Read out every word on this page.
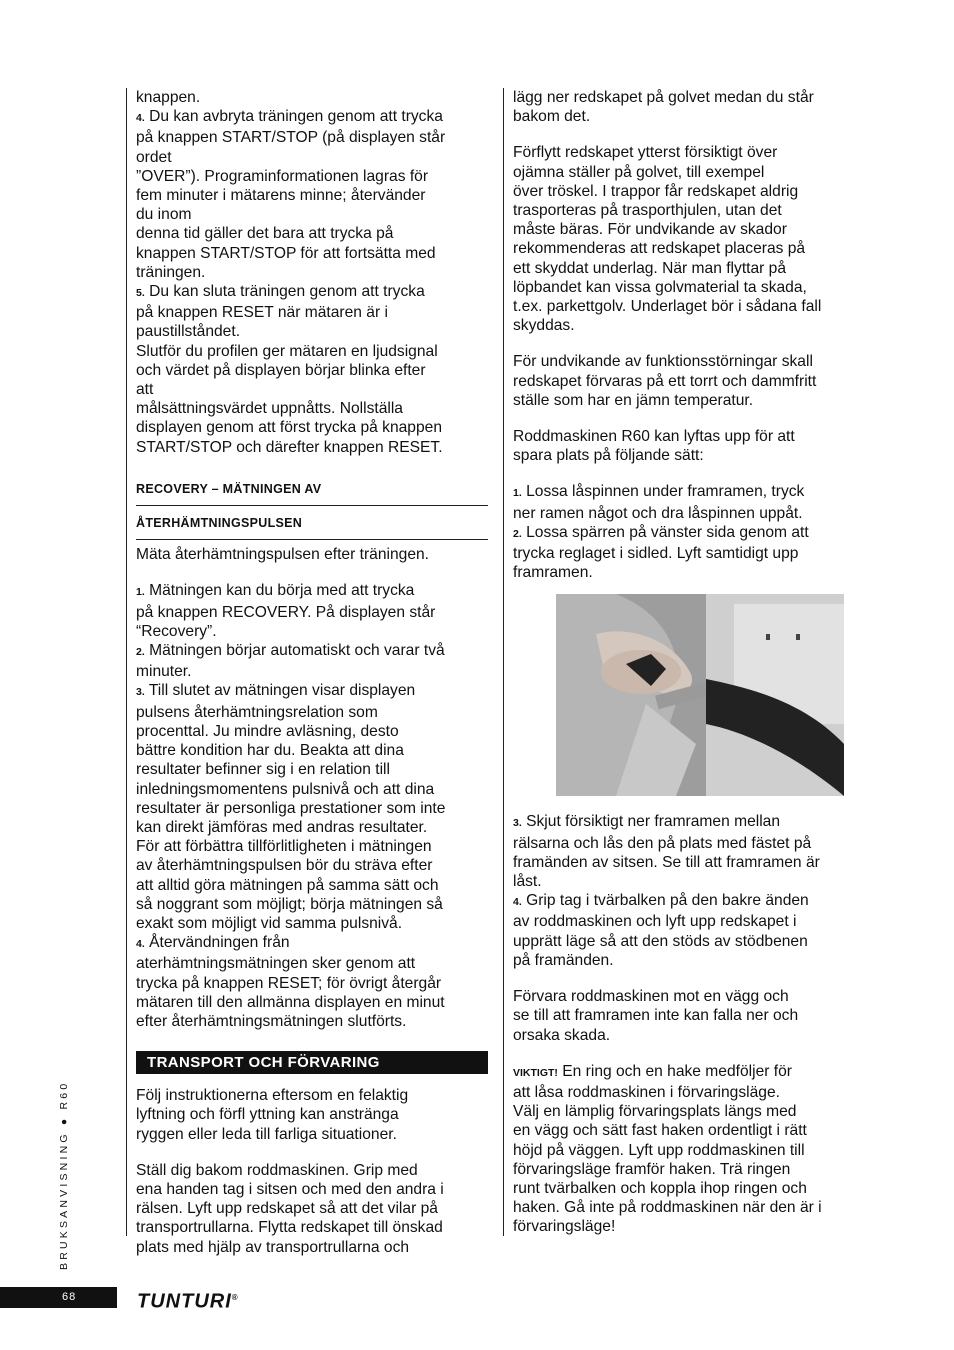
knappen.

4. Du kan avbryta träningen genom att trycka
på knappen START/STOP (på displayen står
ordet
”OVER”). Programinformationen lagras för
fem minuter i mätarens minne; återvänder
du inom
denna tid gäller det bara att trycka på
knappen START/STOP för att fortsätta med
träningen.

5. Du kan sluta träningen genom att trycka
på knappen RESET när mätaren är i
paustillståndet.
Slutför du profilen ger mätaren en ljudsignal
och värdet på displayen börjar blinka efter
att
målsättningsvärdet uppnåtts. Nollställa
displayen genom att först trycka på knappen
START/STOP och därefter knappen RESET.

RECOVERY – MÄTNINGEN AV
ÅTERHÄMTNINGSPULSEN

Mäta återhämtningspulsen efter träningen.

1. Mätningen kan du börja med att trycka
på knappen RECOVERY. På displayen står
“Recovery”.

2. Mätningen börjar automatiskt och varar två
minuter.

3. Till slutet av mätningen visar displayen
pulsens återhämtningsrelation som
procenttal. Ju mindre avläsning, desto
bättre kondition har du. Beakta att dina
resultater befinner sig i en relation till
inledningsmomentens pulsnivå och att dina
resultater är personliga prestationer som inte
kan direkt jämföras med andras resultater.
För att förbättra tillförlitligheten i mätningen
av återhämtningspulsen bör du sträva efter
att alltid göra mätningen på samma sätt och
så noggrant som möjligt; börja mätningen så
exakt som möjligt vid samma pulsnivå.

4. Återvändningen från
aterhämtningsmätningen sker genom att
trycka på knappen RESET; för övrigt återgår
mätaren till den allmänna displayen en minut
efter återhämtningsmätningen slutförts.

TRANSPORT OCH FÖRVARING

Följ instruktionerna eftersom en felaktig
lyftning och förfl yttning kan anstränga
ryggen eller leda till farliga situationer.

Ställ dig bakom roddmaskinen. Grip med
ena handen tag i sitsen och med den andra i
rälsen. Lyft upp redskapet så att det vilar på
transportrullarna. Flytta redskapet till önskad
plats med hjälp av transportrullarna och

lägg ner redskapet på golvet medan du står
bakom det.

Förflytt redskapet ytterst försiktigt över
ojämna ställer på golvet, till exempel
över tröskel. I trappor får redskapet aldrig
trasporteras på trasporthjulen, utan det
måste bäras. För undvikande av skador
rekommenderas att redskapet placeras på
ett skyddat underlag. När man flyttar på
löpbandet kan vissa golvmaterial ta skada,
t.ex. parkettgolv. Underlaget bör i sådana fall
skyddas.

För undvikande av funktionsstörningar skall
redskapet förvaras på ett torrt och dammfritt
ställe som har en jämn temperatur.

Roddmaskinen R60 kan lyftas upp för att
spara plats på följande sätt:

1. Lossa låspinnen under framramen, tryck
ner ramen något och dra låspinnen uppåt.

2. Lossa spärren på vänster sida genom att
trycka reglaget i sidled. Lyft samtidigt upp
framramen.

3. Skjut försiktigt ner framramen mellan
rälsarna och lås den på plats med fästet på
framänden av sitsen. Se till att framramen är
låst.

4. Grip tag i tvärbalken på den bakre änden
av roddmaskinen och lyft upp redskapet i
upprätt läge så att den stöds av stödbenen
på framänden.

Förvara roddmaskinen mot en vägg och
se till att framramen inte kan falla ner och
orsaka skada.

VIKTIGT! En ring och en hake medföljer för
att låsa roddmaskinen i förvaringsläge.
Välj en lämplig förvaringsplats längs med
en vägg och sätt fast haken ordentligt i rätt
höjd på väggen. Lyft upp roddmaskinen till
förvaringsläge framför haken. Trä ringen
runt tvärbalken och koppla ihop ringen och
haken. Gå inte på roddmaskinen när den är i
förvaringsläge!

BRUKSANVISNING ● R60
68	TUNTURI®
